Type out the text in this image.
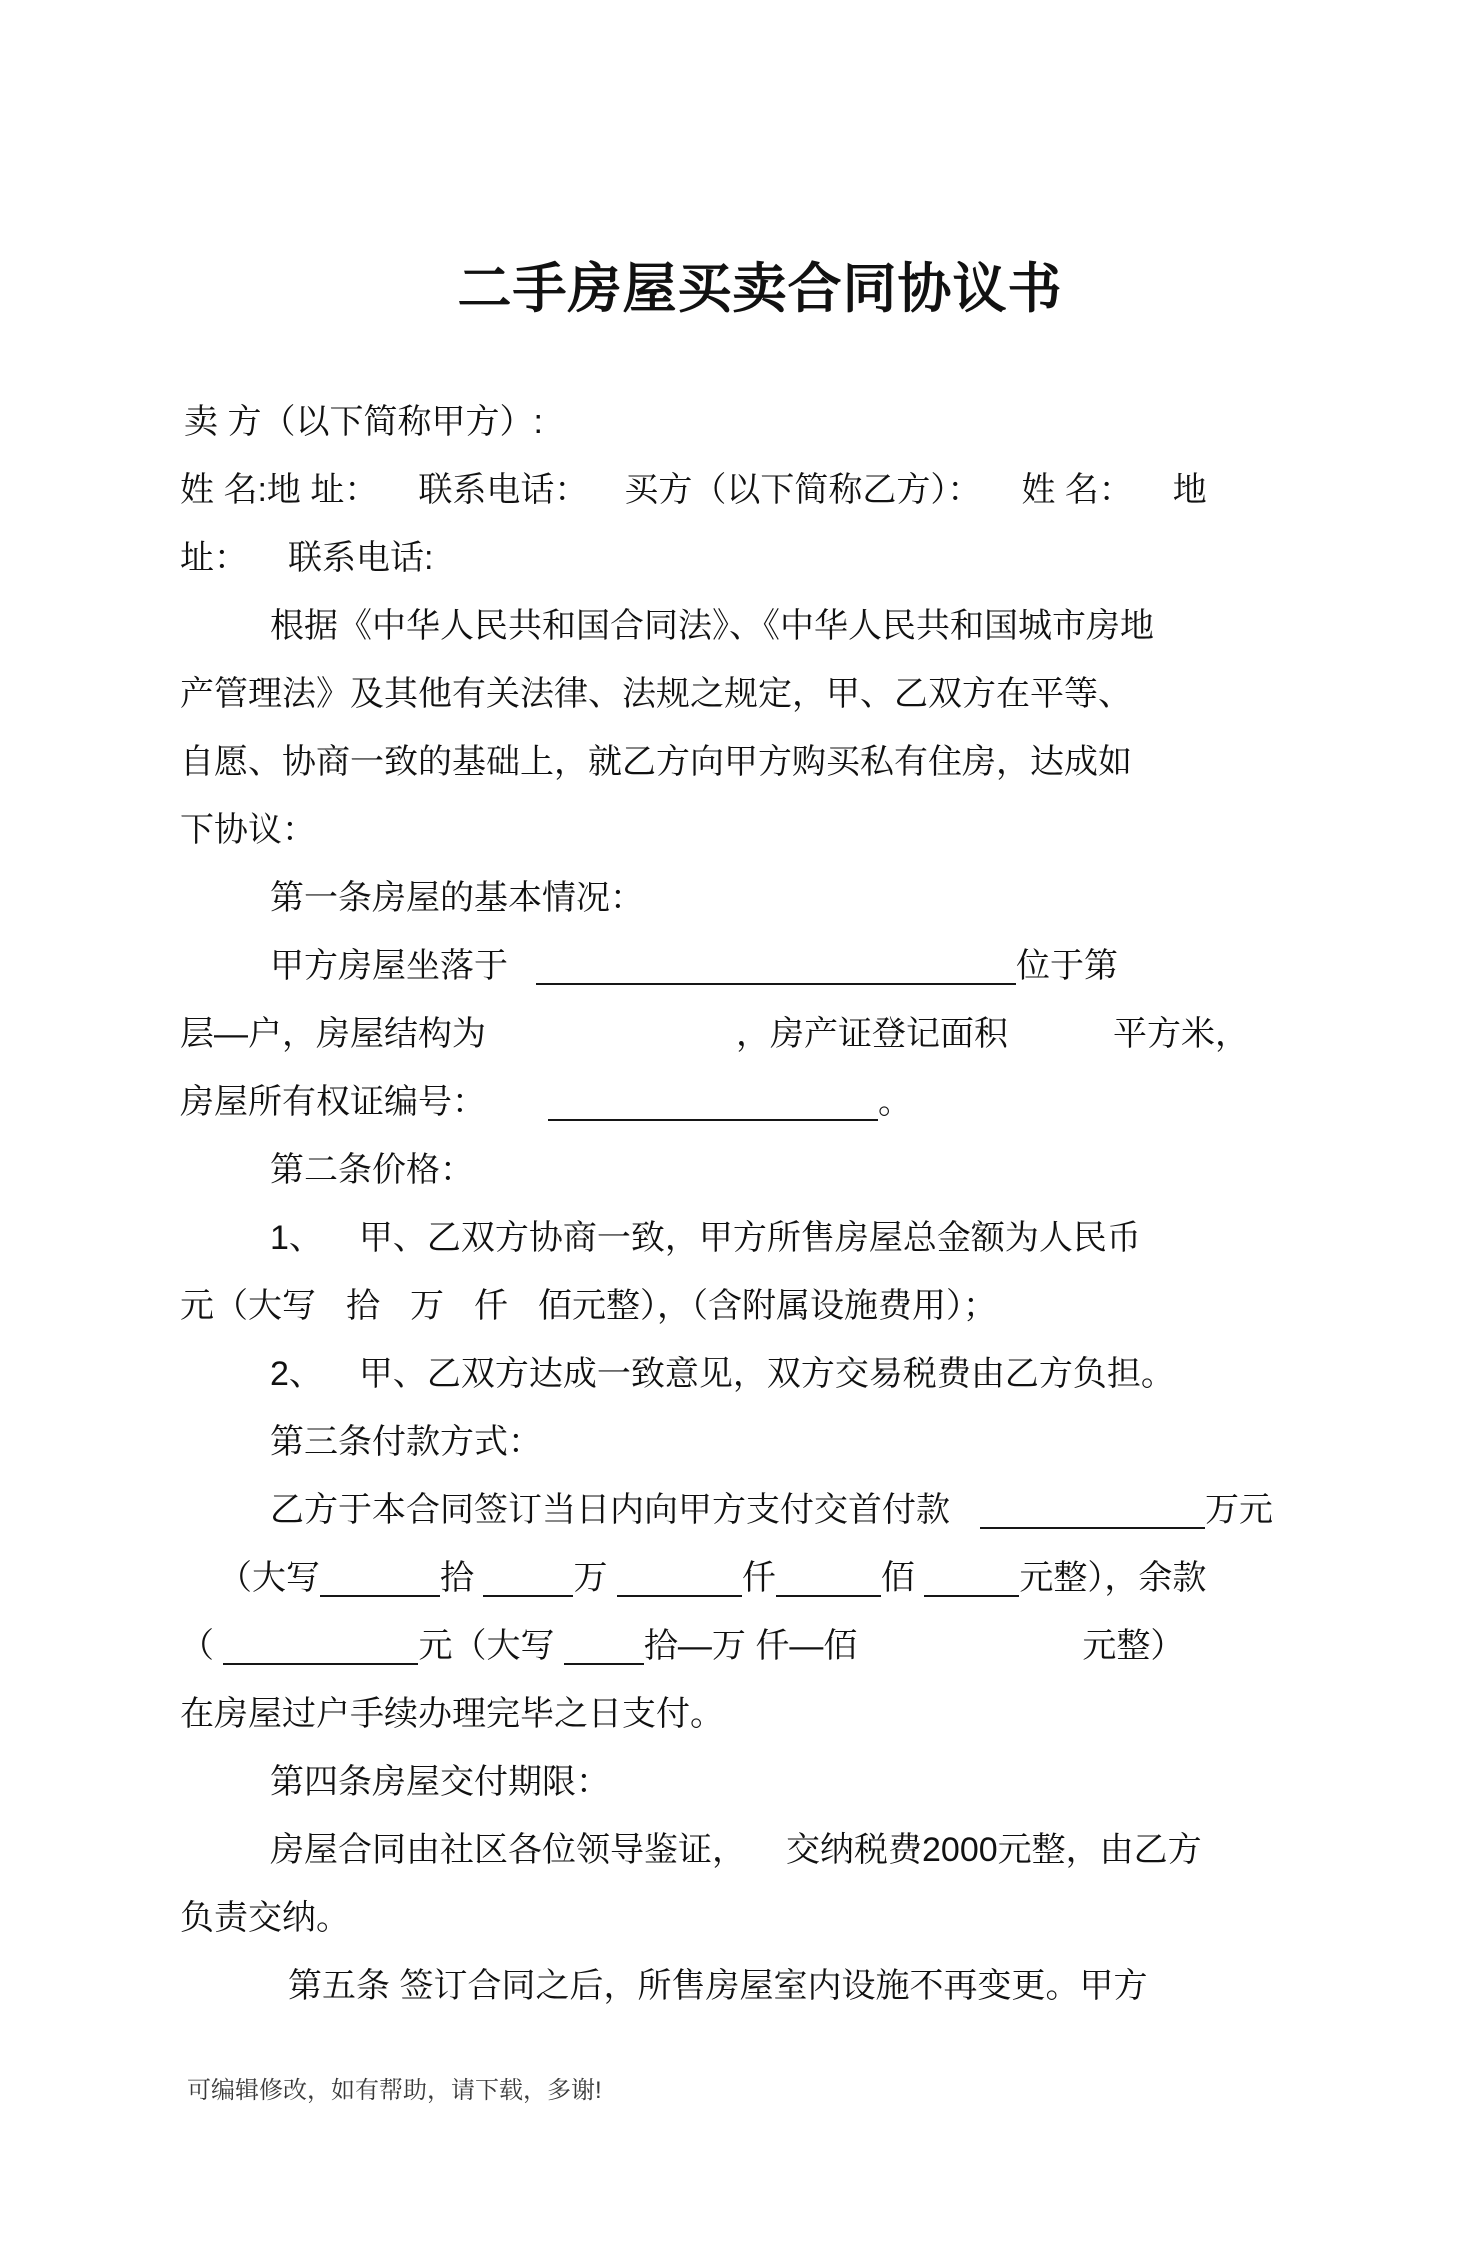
二手房屋买卖合同协议书
卖 方（以下简称甲方）:
姓 名:地 址： 联系电话： 买方（以下简称乙方）： 姓 名： 地
址： 联系电话:
根据《中华人民共和国合同法》、《中华人民共和国城市房地
产管理法》及其他有关法律、法规之规定，甲、乙双方在平等、
自愿、协商一致的基础上，就乙方向甲方购买私有住房，达成如
下协议：
第一条房屋的基本情况：
甲方房屋坐落于	位于第
层—户，房屋结构为	，房产证登记面积	平方米，
房屋所有权证编号：	。
第二条价格：
1、 甲、乙双方协商一致，甲方所售房屋总金额为人民币
元（大写 拾 万 仟 佰元整），（含附属设施费用）；
2、 甲、乙双方达成一致意见，双方交易税费由乙方负担。
第三条付款方式：
乙方于本合同签订当日内向甲方支付交首付款	万元
（大写	拾	万	仟	佰	元整），余款
（	元（大写 拾—万 仟—佰	元整）
在房屋过户手续办理完毕之日支付。
第四条房屋交付期限：
房屋合同由社区各位领导鉴证， 交纳税费2000元整，由乙方
负责交纳。
第五条 签订合同之后，所售房屋室内设施不再变更。甲方
可编辑修改，如有帮助，请下载，多谢!
